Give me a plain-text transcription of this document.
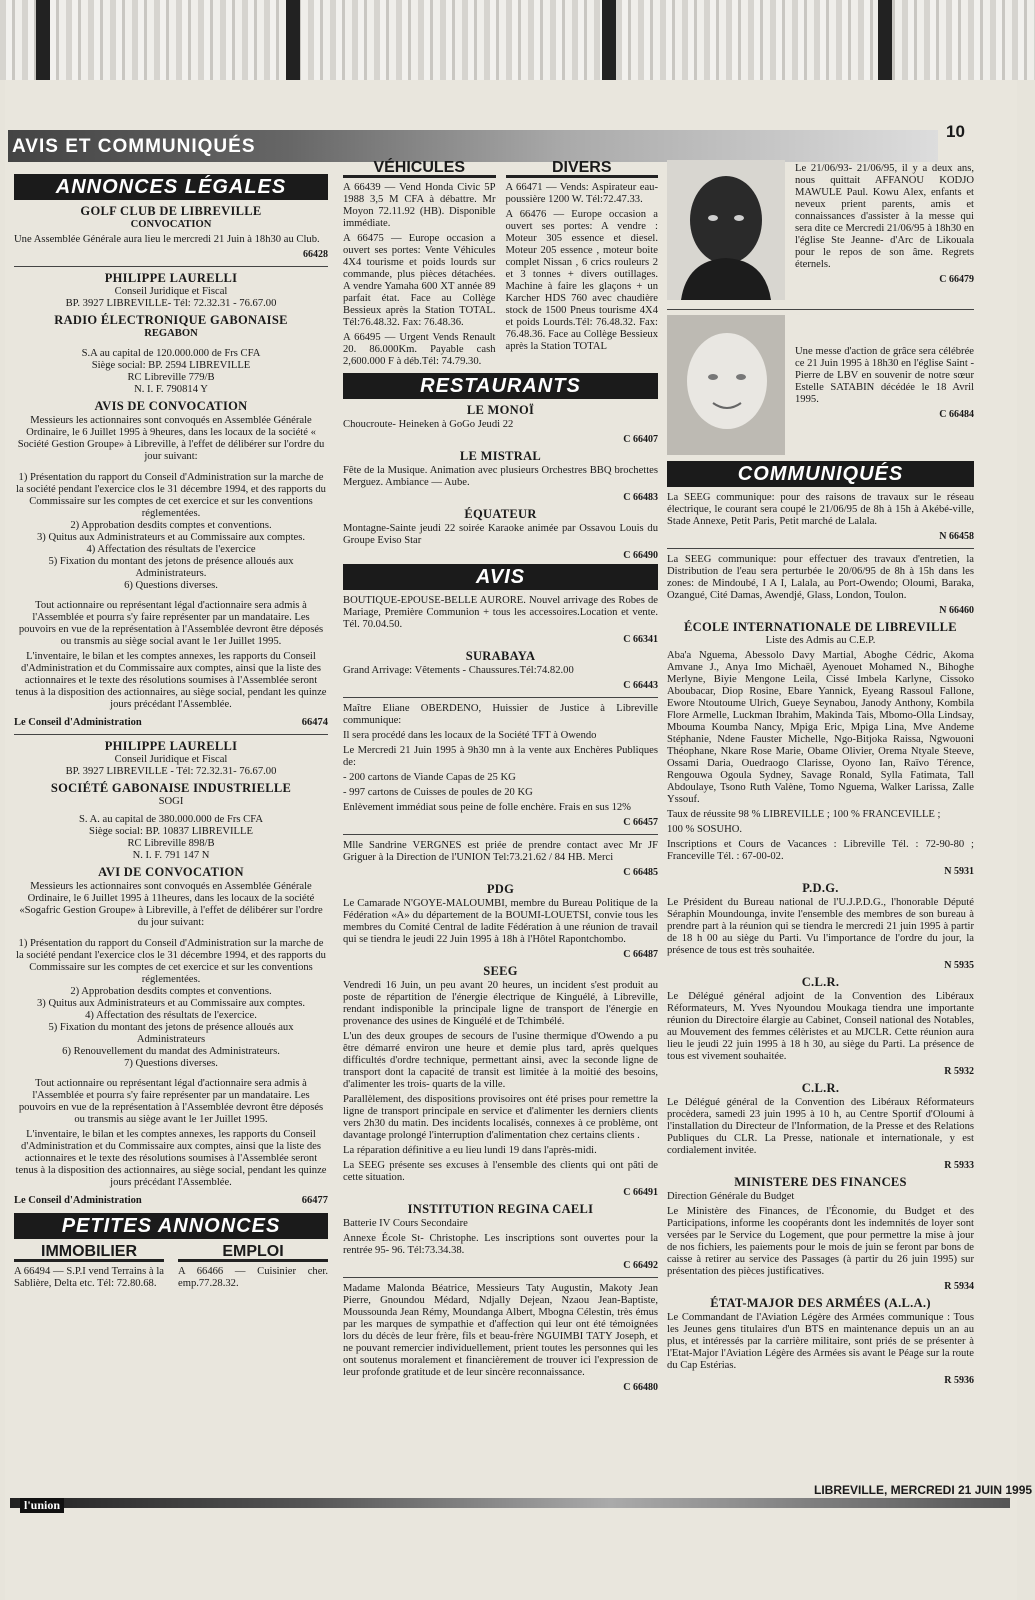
AVIS ET COMMUNIQUÉS
10
ANNONCES LÉGALES
GOLF CLUB DE LIBREVILLE
CONVOCATION

Une Assemblée Générale aura lieu le mercredi 21 Juin à 18h30 au Club.

66428
PHILIPPE LAURELLI
Conseil Juridique et Fiscal
BP. 3927 LIBREVILLE- Tél: 72.32.31 - 76.67.00
RADIO ÉLECTRONIQUE GABONAISE
REGABON
S.A au capital de 120.000.000 de Frs CFA
Siège social: BP. 2594 LIBREVILLE
RC Libreville 779/B
N. I. F. 790814 Y
AVIS DE CONVOCATION

Messieurs les actionnaires sont convoqués en Assemblée Générale Ordinaire, le 6 Juillet 1995 à 9heures, dans les locaux de la société « Société Gestion Groupe» à Libreville, à l'effet de délibérer sur l'ordre du jour suivant:

1) Présentation du rapport du Conseil d'Administration sur la marche de la société pendant l'exercice clos le 31 décembre 1994, et des rapports du Commissaire sur les comptes de cet exercice et sur les conventions réglementées.
2) Approbation desdits comptes et conventions.
3) Quitus aux Administrateurs et au Commissaire aux comptes.
4) Affectation des résultats de l'exercice
5) Fixation du montant des jetons de présence alloués aux Administrateurs.
6) Questions diverses.

Tout actionnaire ou représentant légal d'actionnaire sera admis à l'Assemblée et pourra s'y faire représenter par un mandataire. Les pouvoirs en vue de la représentation à l'Assemblée devront être déposés ou transmis au siège social avant le 1er Juillet 1995.

L'inventaire, le bilan et les comptes annexes, les rapports du Conseil d'Administration et du Commissaire aux comptes, ainsi que la liste des actionnaires et le texte des résolutions soumises à l'Assemblée seront tenus à la disposition des actionnaires, au siège social, pendant les quinze jours précédant l'Assemblée.

Le Conseil d'Administration	66474
PHILIPPE LAURELLI
Conseil Juridique et Fiscal
BP. 3927 LIBREVILLE - Tél: 72.32.31- 76.67.00
SOCIÉTÉ GABONAISE INDUSTRIELLE
SOGI
S. A. au capital de 380.000.000 de Frs CFA
Siège social: BP. 10837 LIBREVILLE
RC Libreville 898/B
N. I. F. 791 147 N
AVI DE CONVOCATION

Messieurs les actionnaires sont convoqués en Assemblée Générale Ordinaire, le 6 Juillet 1995 à 11heures, dans les locaux de la société «Sogafric Gestion Groupe» à Libreville, à l'effet de délibérer sur l'ordre du jour suivant:

1) Présentation du rapport du Conseil d'Administration sur la marche de la société pendant l'exercice clos le 31 décembre 1994, et des rapports du Commissaire sur les comptes de cet exercice et sur les conventions réglementées.
2) Approbation desdits comptes et conventions.
3) Quitus aux Administrateurs et au Commissaire aux comptes.
4) Affectation des résultats de l'exercice.
5) Fixation du montant des jetons de présence alloués aux Administrateurs
6) Renouvellement du mandat des Administrateurs.
7) Questions diverses.

Tout actionnaire ou représentant légal d'actionnaire sera admis à l'Assemblée et pourra s'y faire représenter par un mandataire. Les pouvoirs en vue de la représentation à l'Assemblée devront être déposés ou transmis au siège avant le 1er Juillet 1995.

L'inventaire, le bilan et les comptes annexes, les rapports du Conseil d'Administration et du Commissaire aux comptes, ainsi que la liste des actionnaires et le texte des résolutions soumises à l'Assemblée seront tenus à la disposition des actionnaires, au siège social, pendant les quinze jours précédant l'Assemblée.

Le Conseil d'Administration	66477
PETITES ANNONCES
IMMOBILIER

A 66494 — S.P.I vend Terrains à la Sablière, Delta etc. Tél: 72.80.68.

EMPLOI

A 66466 — Cuisinier cher. emp.77.28.32.

VÉHICULES

A 66439 — Vend Honda Civic 5P 1988 3,5 M CFA à débattre. Mr Moyon 72.11.92 (HB). Disponible immédiate.

A 66475 — Europe occasion a ouvert ses portes: Vente Véhicules 4X4 tourisme et poids lourds sur commande, plus pièces détachées. A vendre Yamaha 600 XT année 89 parfait état. Face au Collège Bessieux après la Station TOTAL. Tél:76.48.32. Fax: 76.48.36.

A 66495 — Urgent Vends Renault 20. 86.000Km. Payable cash 2,600.000 F à déb.Tél: 74.79.30.

DIVERS

A 66471 — Vends: Aspirateur eau- poussière 1200 W. Tél:72.47.33.

A 66476 — Europe occasion a ouvert ses portes: A vendre : Moteur 305 essence et diesel. Moteur 205 essence , moteur boite complet Nissan , 6 crics rouleurs 2 et 3 tonnes + divers outillages. Machine à faire les glaçons + un Karcher HDS 760 avec chaudière stock de 1500 Pneus tourisme 4X4 et poids Lourds.Tél: 76.48.32. Fax: 76.48.36. Face au Collège Bessieux après la Station TOTAL

RESTAURANTS
LE MONOÏ

Choucroute- Heineken à GoGo Jeudi 22

C 66407
LE MISTRAL

Fête de la Musique. Animation avec plusieurs Orchestres BBQ brochettes Merguez. Ambiance — Aube.

C 66483
ÉQUATEUR

Montagne-Sainte jeudi 22 soirée Karaoke animée par Ossavou Louis du Groupe Eviso Star

C 66490
AVIS

BOUTIQUE-EPOUSE-BELLE AURORE. Nouvel arrivage des Robes de Mariage, Première Communion + tous les accessoires.Location et vente. Tél. 70.04.50.

C 66341
SURABAYA

Grand Arrivage: Vêtements - Chaussures.Tél:74.82.00

C 66443

Maître Eliane OBERDENO, Huissier de Justice à Libreville communique:

Il sera procédé dans les locaux de la Société TFT à Owendo

Le Mercredi 21 Juin 1995 à 9h30 mn à la vente aux Enchères Publiques de:

- 200 cartons de Viande Capas de 25 KG

- 997 cartons de Cuisses de poules de 20 KG

Enlèvement immédiat sous peine de folle enchère. Frais en sus 12%

C 66457

Mlle Sandrine VERGNES est priée de prendre contact avec Mr JF Griguer à la Direction de l'UNION Tel:73.21.62 / 84 HB. Merci

C 66485
PDG

Le Camarade N'GOYE-MALOUMBI, membre du Bureau Politique de la Fédération «A» du département de la BOUMI-LOUETSI, convie tous les membres du Comité Central de ladite Fédération à une réunion de travail qui se tiendra le jeudi 22 Juin 1995 à 18h à l'Hôtel Rapontchombo.

C 66487
SEEG

Vendredi 16 Juin, un peu avant 20 heures, un incident s'est produit au poste de répartition de l'énergie électrique de Kinguélé, à Libreville, rendant indisponible la principale ligne de transport de l'énergie en provenance des usines de Kinguélé et de Tchimbélé.

L'un des deux groupes de secours de l'usine thermique d'Owendo a pu être démarré environ une heure et demie plus tard, après quelques difficultés d'ordre technique, permettant ainsi, avec la seconde ligne de transport dont la capacité de transit est limitée à la moitié des besoins, d'alimenter les trois- quarts de la ville.

Parallèlement, des dispositions provisoires ont été prises pour remettre la ligne de transport principale en service et d'alimenter les derniers clients vers 2h30 du matin. Des incidents localisés, connexes à ce problème, ont davantage prolongé l'interruption d'alimentation chez certains clients .

La réparation définitive a eu lieu lundi 19 dans l'après-midi.

La SEEG présente ses excuses à l'ensemble des clients qui ont pâti de cette situation.

C 66491
INSTITUTION REGINA CAELI

Batterie IV Cours Secondaire

Annexe École St- Christophe. Les inscriptions sont ouvertes pour la rentrée 95- 96. Tél:73.34.38.

C 66492

Madame Malonda Béatrice, Messieurs Taty Augustin, Makoty Jean Pierre, Gnoundou Médard, Ndjally Dejean, Nzaou Jean-Baptiste, Moussounda Jean Rémy, Moundanga Albert, Mbogna Célestin, très émus par les marques de sympathie et d'affection qui leur ont été témoignées lors du décès de leur frère, fils et beau-frère NGUIMBI TATY Joseph, et ne pouvant remercier individuellement, prient toutes les personnes qui les ont soutenus moralement et financièrement de trouver ici l'expression de leur profonde gratitude et de leur sincère reconnaissance.

C 66480

Le 21/06/93- 21/06/95, il y a deux ans, nous quittait AFFANOU KODJO MAWULE Paul. Kowu Alex, enfants et neveux prient parents, amis et connaissances d'assister à la messe qui sera dite ce Mercredi 21/06/95 à 18h30 en l'église Ste Jeanne- d'Arc de Likouala pour le repos de son âme. Regrets éternels.

C 66479

Une messe d'action de grâce sera célébrée ce 21 Juin 1995 à 18h30 en l'église Saint -Pierre de LBV en souvenir de notre sœur Estelle SATABIN décédée le 18 Avril 1995.

C 66484
COMMUNIQUÉS

La SEEG communique: pour des raisons de travaux sur le réseau électrique, le courant sera coupé le 21/06/95 de 8h à 15h à Akébé-ville, Stade Annexe, Petit Paris, Petit marché de Lalala.

N 66458

La SEEG communique: pour effectuer des travaux d'entretien, la Distribution de l'eau sera perturbée le 20/06/95 de 8h à 15h dans les zones: de Mindoubé, I A I, Lalala, au Port-Owendo; Oloumi, Baraka, Ozangué, Cité Damas, Awendjé, Glass, London, Toulon.

N 66460
ÉCOLE INTERNATIONALE DE LIBREVILLE
Liste des Admis au C.E.P.

Aba'a Nguema, Abessolo Davy Martial, Aboghe Cédric, Akoma Amvane J., Anya Imo Michaël, Ayenouet Mohamed N., Bihoghe Merlyne, Biyie Mengone Leila, Cissé Imbela Karlyne, Cissoko Aboubacar, Diop Rosine, Ebare Yannick, Eyeang Rassoul Fallone, Ewore Ntoutoume Ulrich, Gueye Seynabou, Janody Anthony, Kombila Flore Armelle, Luckman Ibrahim, Makinda Tais, Mbomo-Olla Lindsay, Mbouma Koumba Nancy, Mpiga Eric, Mpiga Lina, Mve Andeme Stéphanie, Ndene Fauster Michelle, Ngo-Bitjoka Raissa, Ngwouoni Théophane, Nkare Rose Marie, Obame Olivier, Orema Ntyale Steeve, Ossami Daria, Ouedraogo Clarisse, Oyono Ian, Raïvo Térence, Rengouwa Ogoula Sydney, Savage Ronald, Sylla Fatimata, Tall Abdoulaye, Tsono Ruth Valène, Tomo Nguema, Walker Larissa, Zalle Yssouf.

Taux de réussite 98 % LIBREVILLE ; 100 % FRANCEVILLE ;

100 % SOSUHO.

Inscriptions et Cours de Vacances : Libreville Tél. : 72-90-80 ; Franceville Tél. : 67-00-02.

N 5931
P.D.G.

Le Président du Bureau national de l'U.J.P.D.G., l'honorable Député Séraphin Moundounga, invite l'ensemble des membres de son bureau à prendre part à la réunion qui se tiendra le mercredi 21 juin 1995 à partir de 18 h 00 au siège du Parti. Vu l'importance de l'ordre du jour, la présence de tous est très souhaitée.

N 5935
C.L.R.

Le Délégué général adjoint de la Convention des Libéraux Réformateurs, M. Yves Nyoundou Moukaga tiendra une importante réunion du Directoire élargie au Cabinet, Conseil national des Notables, au Mouvement des femmes célèristes et au MJCLR. Cette réunion aura lieu le jeudi 22 juin 1995 à 18 h 30, au siège du Parti. La présence de tous est vivement souhaitée.

R 5932
C.L.R.

Le Délégué général de la Convention des Libéraux Réformateurs procèdera, samedi 23 juin 1995 à 10 h, au Centre Sportif d'Oloumi à l'installation du Directeur de l'Information, de la Presse et des Relations Publiques du CLR. La Presse, nationale et internationale, y est cordialement invitée.

R 5933
MINISTERE DES FINANCES

Direction Générale du Budget

Le Ministère des Finances, de l'Économie, du Budget et des Participations, informe les coopérants dont les indemnités de loyer sont versées par le Service du Logement, que pour permettre la mise à jour de nos fichiers, les paiements pour le mois de juin se feront par bons de caisse à retirer au service des Passages (à partir du 26 juin 1995) sur présentation des pièces justificatives.

R 5934
ÉTAT-MAJOR DES ARMÉES (A.L.A.)

Le Commandant de l'Aviation Légère des Armées communique : Tous les Jeunes gens titulaires d'un BTS en maintenance depuis un an au plus, et intéressés par la carrière militaire, sont priés de se présenter à l'Etat-Major l'Aviation Légère des Armées sis avant le Péage sur la route du Cap Estérias.

R 5936
l'union
LIBREVILLE, MERCREDI 21 JUIN 1995
